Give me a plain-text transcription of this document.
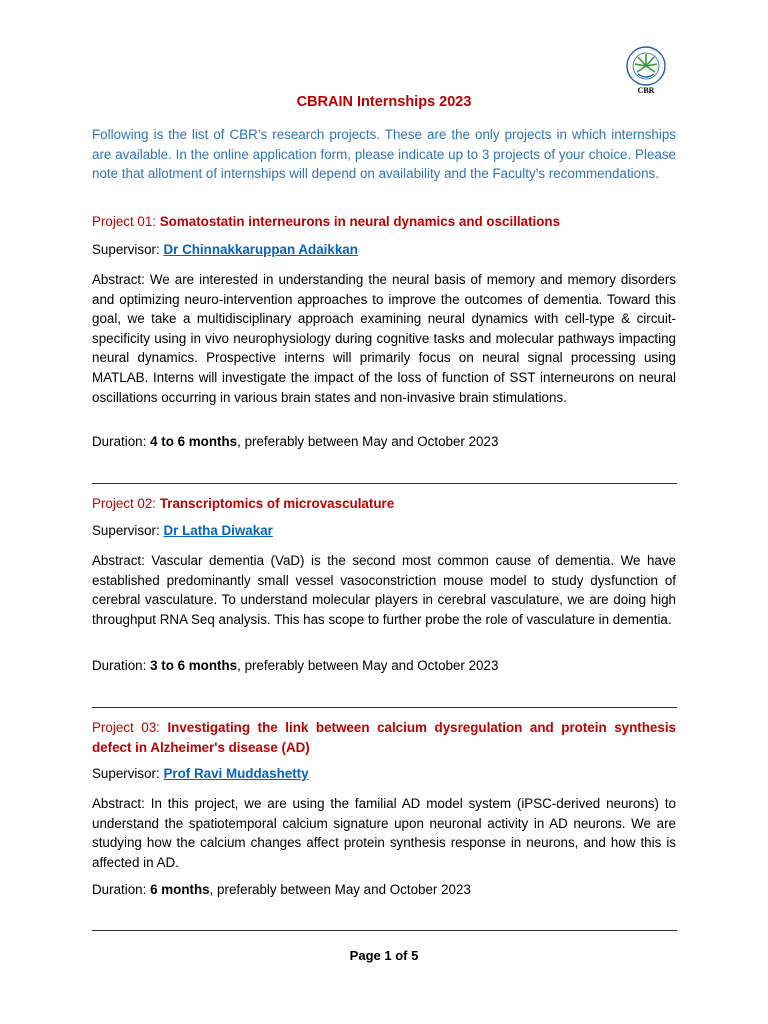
CBR
CBRAIN Internships 2023
Following is the list of CBR’s research projects. These are the only projects in which internships are available. In the online application form, please indicate up to 3 projects of your choice. Please note that allotment of internships will depend on availability and the Faculty’s recommendations.
Project 01: Somatostatin interneurons in neural dynamics and oscillations
Supervisor: Dr Chinnakkaruppan Adaikkan
Abstract: We are interested in understanding the neural basis of memory and memory disorders and optimizing neuro-intervention approaches to improve the outcomes of dementia. Toward this goal, we take a multidisciplinary approach examining neural dynamics with cell-type & circuit-specificity using in vivo neurophysiology during cognitive tasks and molecular pathways impacting neural dynamics. Prospective interns will primarily focus on neural signal processing using MATLAB. Interns will investigate the impact of the loss of function of SST interneurons on neural oscillations occurring in various brain states and non-invasive brain stimulations.
Duration: 4 to 6 months, preferably between May and October 2023
Project 02: Transcriptomics of microvasculature
Supervisor: Dr Latha Diwakar
Abstract: Vascular dementia (VaD) is the second most common cause of dementia. We have established predominantly small vessel vasoconstriction mouse model to study dysfunction of cerebral vasculature. To understand molecular players in cerebral vasculature, we are doing high throughput RNA Seq analysis. This has scope to further probe the role of vasculature in dementia.
Duration: 3 to 6 months, preferably between May and October 2023
Project 03: Investigating the link between calcium dysregulation and protein synthesis defect in Alzheimer's disease (AD)
Supervisor: Prof Ravi Muddashetty
Abstract: In this project, we are using the familial AD model system (iPSC-derived neurons) to understand the spatiotemporal calcium signature upon neuronal activity in AD neurons. We are studying how the calcium changes affect protein synthesis response in neurons, and how this is affected in AD.
Duration: 6 months, preferably between May and October 2023
Page 1 of 5
